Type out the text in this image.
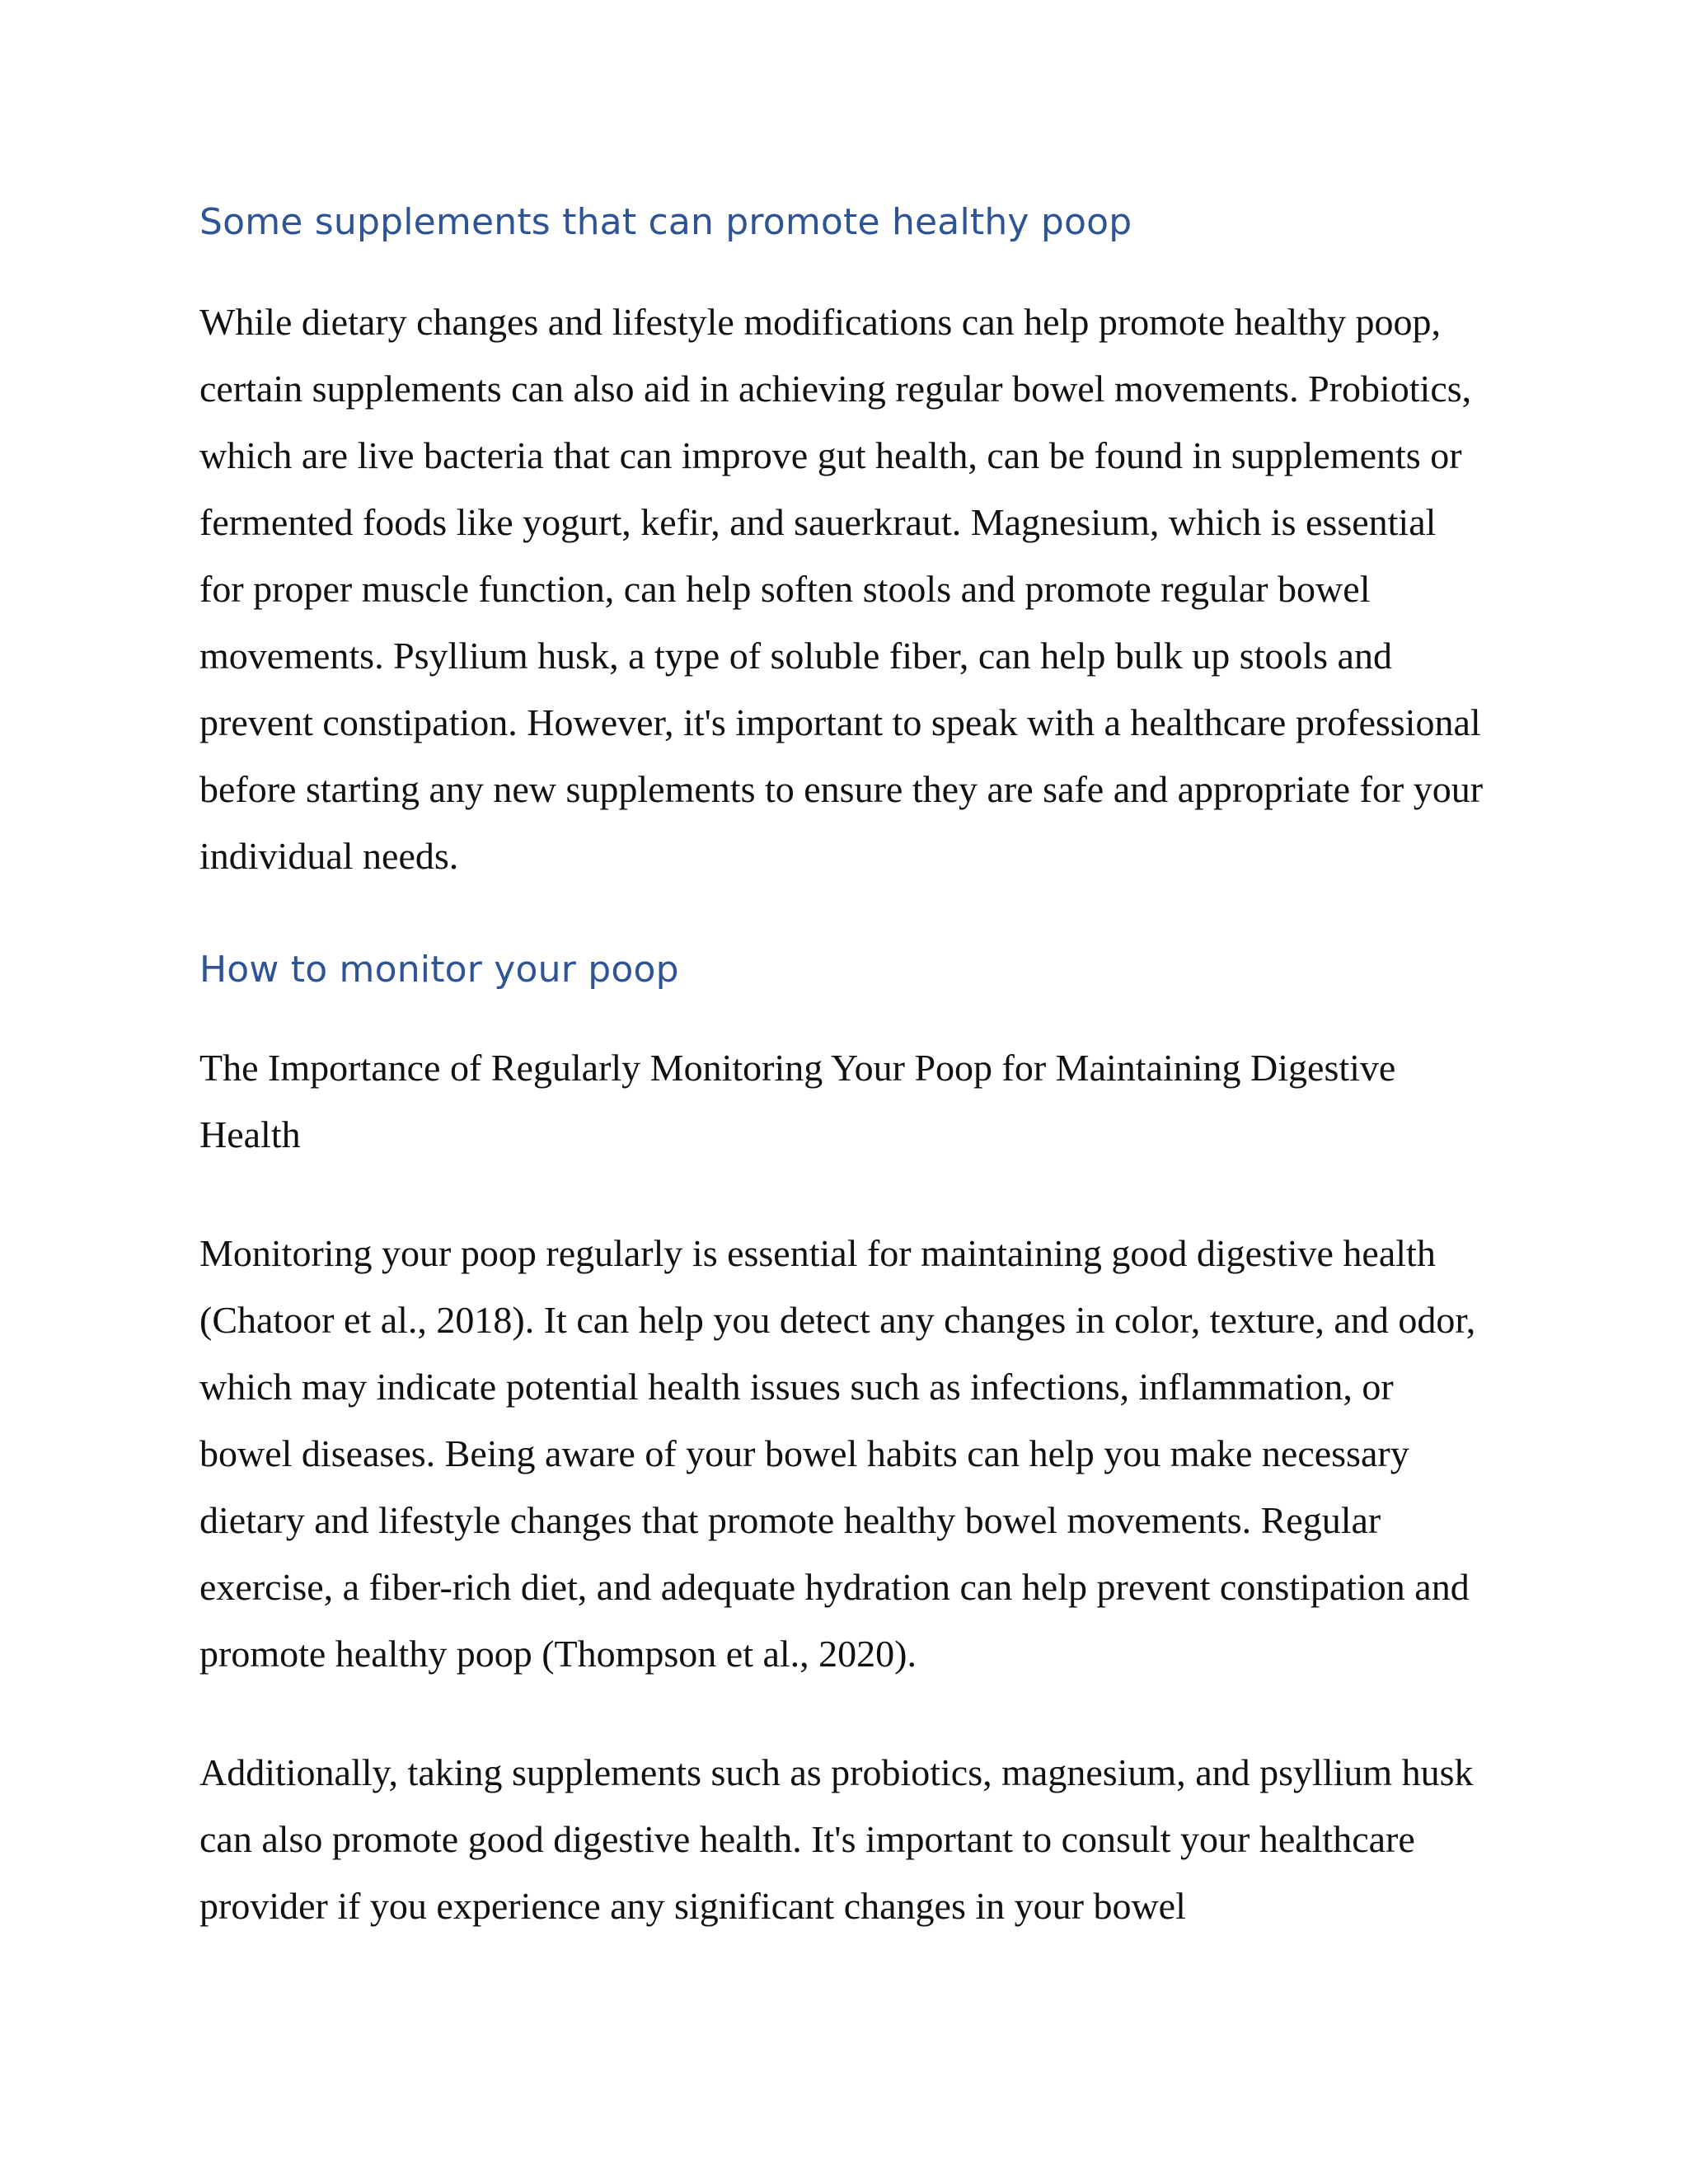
Some supplements that can promote healthy poop

While dietary changes and lifestyle modifications can help promote healthy poop, certain supplements can also aid in achieving regular bowel movements. Probiotics, which are live bacteria that can improve gut health, can be found in supplements or fermented foods like yogurt, kefir, and sauerkraut. Magnesium, which is essential for proper muscle function, can help soften stools and promote regular bowel movements. Psyllium husk, a type of soluble fiber, can help bulk up stools and prevent constipation. However, it's important to speak with a healthcare professional before starting any new supplements to ensure they are safe and appropriate for your individual needs.

How to monitor your poop

The Importance of Regularly Monitoring Your Poop for Maintaining Digestive Health

Monitoring your poop regularly is essential for maintaining good digestive health (Chatoor et al., 2018). It can help you detect any changes in color, texture, and odor, which may indicate potential health issues such as infections, inflammation, or bowel diseases. Being aware of your bowel habits can help you make necessary dietary and lifestyle changes that promote healthy bowel movements. Regular exercise, a fiber-rich diet, and adequate hydration can help prevent constipation and promote healthy poop (Thompson et al., 2020).

Additionally, taking supplements such as probiotics, magnesium, and psyllium husk can also promote good digestive health. It's important to consult your healthcare provider if you experience any significant changes in your bowel
